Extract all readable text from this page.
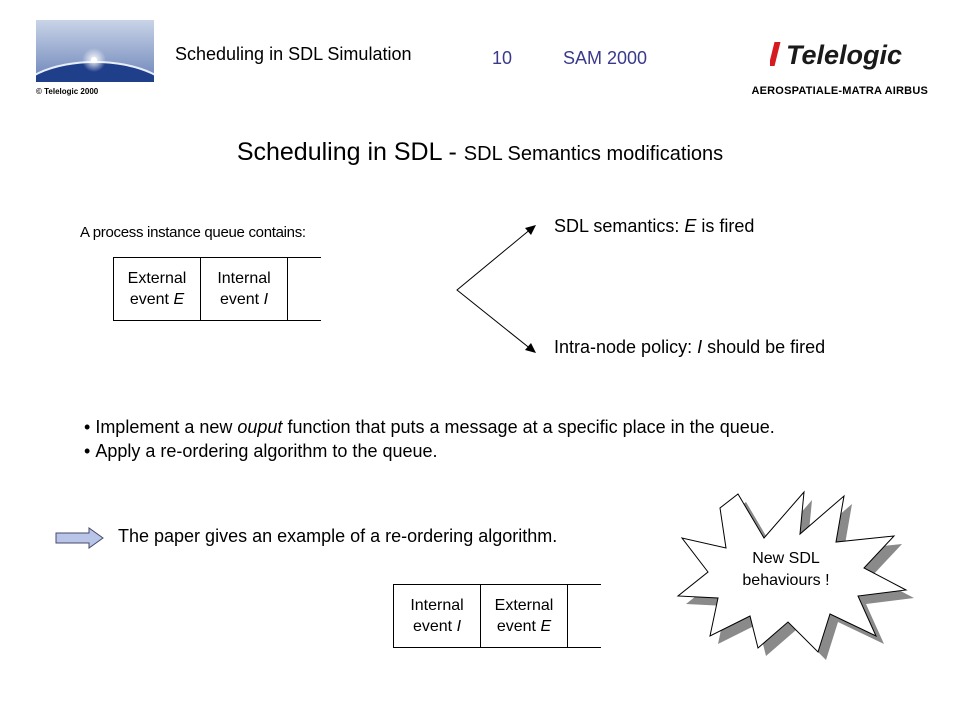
Scheduling in SDL Simulation	10	SAM 2000	Telelogic
© Telelogic 2000	AEROSPATIALE-MATRA AIRBUS
Scheduling in SDL - SDL Semantics modifications
A process instance queue contains:
External
event E
Internal
event I
SDL semantics: E is fired
Intra-node policy: I should be fired
• Implement a new ouput function that puts a message at a specific place in the queue.
• Apply a re-ordering algorithm to the queue.
The paper gives an example of a re-ordering algorithm.
Internal
event I
External
event E
New SDL
behaviours !
